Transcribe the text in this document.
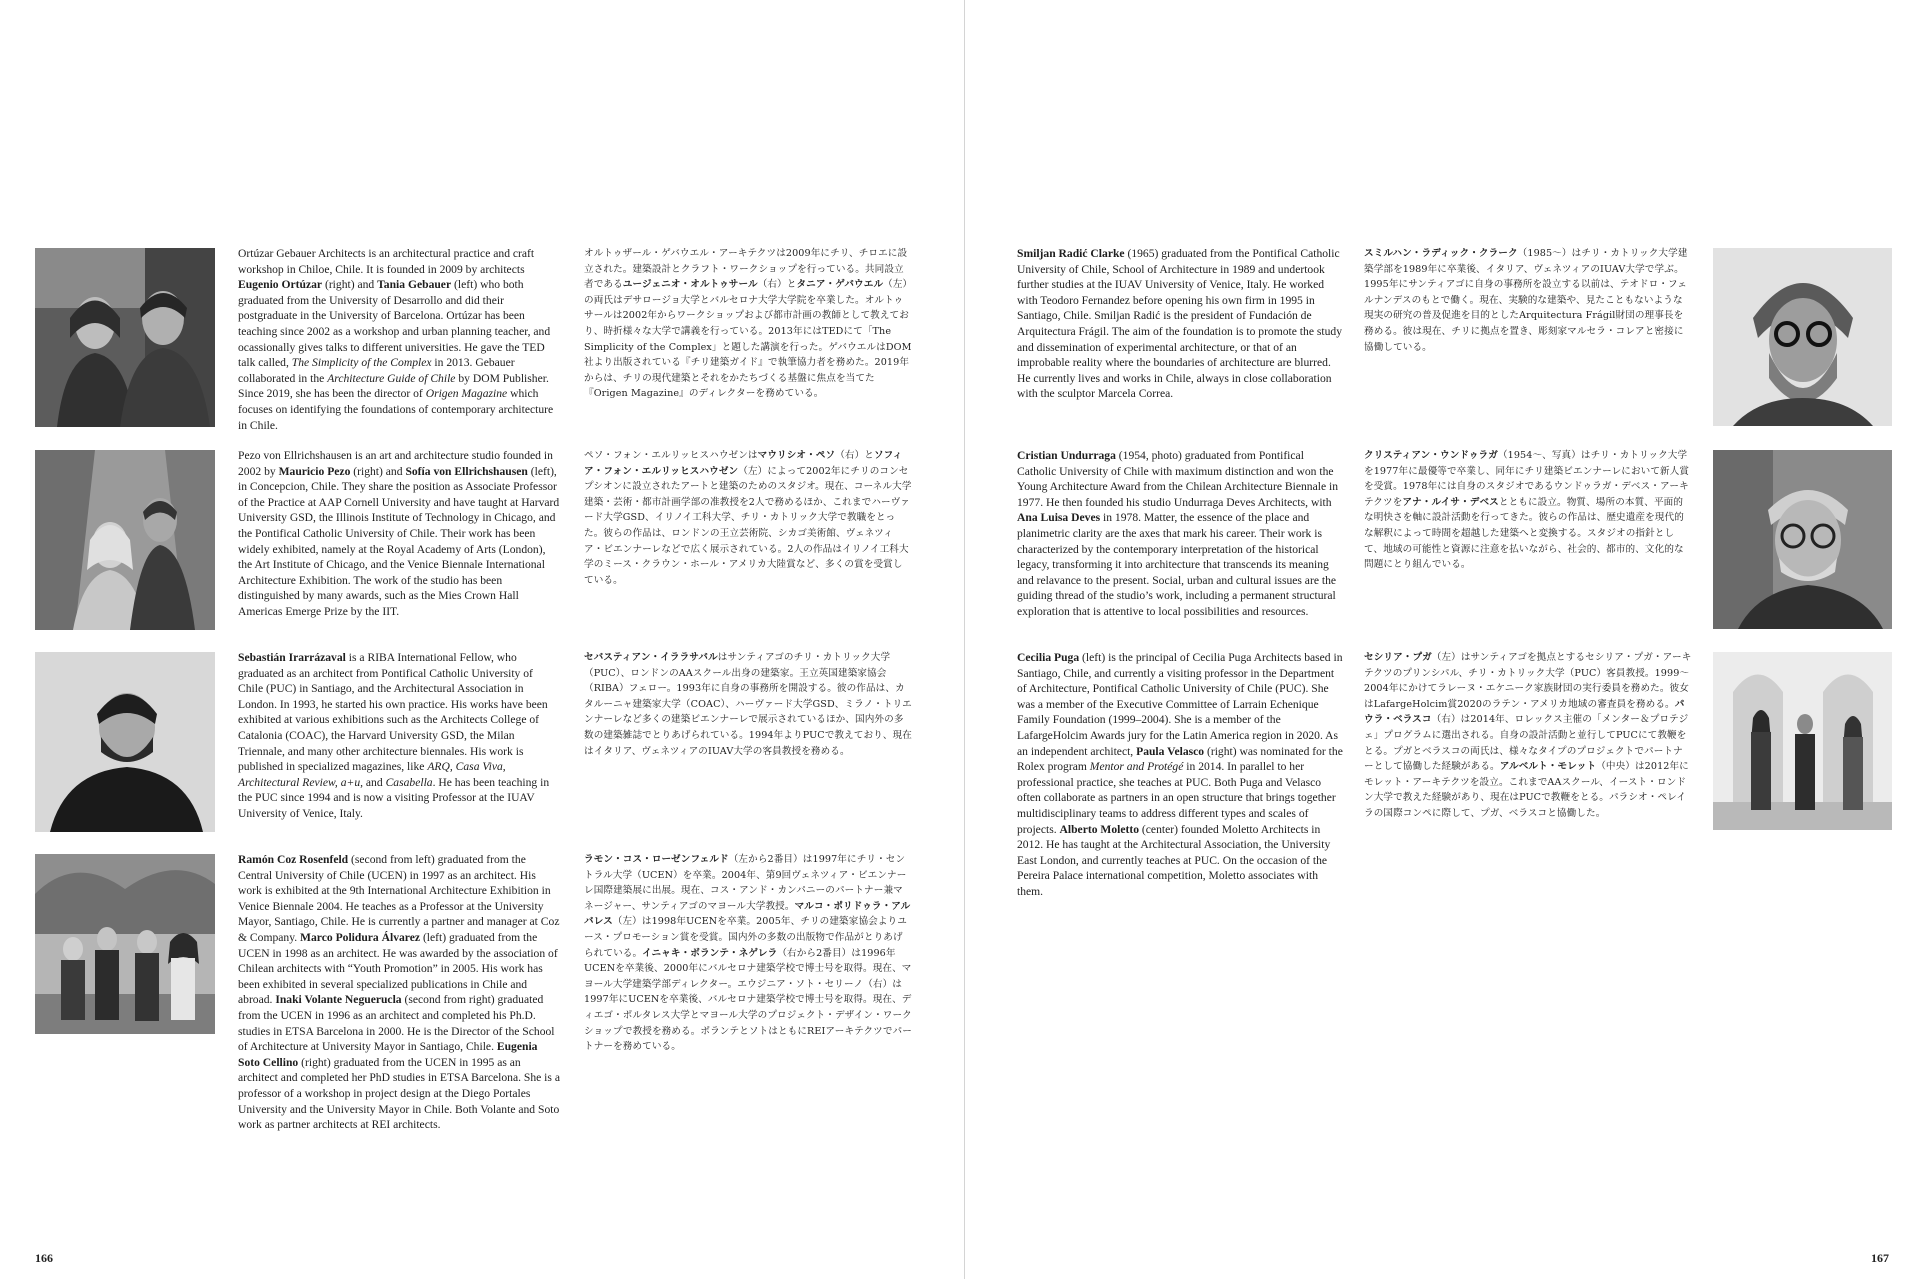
Ortúzar Gebauer Architects is an architectural practice and craft workshop in Chiloe, Chile. It is founded in 2009 by architects Eugenio Ortúzar (right) and Tania Gebauer (left) who both graduated from the University of Desarrollo and did their postgraduate in the University of Barcelona. Ortúzar has been teaching since 2002 as a workshop and urban planning teacher, and ocassionally gives talks to different universities. He gave the TED talk called, The Simplicity of the Complex in 2013. Gebauer collaborated in the Architecture Guide of Chile by DOM Publisher. Since 2019, she has been the director of Origen Magazine which focuses on identifying the foundations of contemporary architecture in Chile.
オルトゥザール・ゲバウエル・アーキテクツは2009年にチリ、チロエに設立された。建築設計とクラフト・ワークショップを行っている。共同設立者であるユージェニオ・オルトゥサール（右）とタニア・ゲバウエル（左）の両氏はデサロージョ大学とバルセロナ大学大学院を卒業した。オルトゥサールは2002年からワークショップおよび都市計画の教師として教えており、時折様々な大学で講義を行っている。2013年にはTEDにて「The Simplicity of the Complex」と題した講演を行った。ゲバウエルはDOM社より出版されている『チリ建築ガイド』で執筆協力者を務めた。2019年からは、チリの現代建築とそれをかたちづくる基盤に焦点を当てた『Origen Magazine』のディレクターを務めている。
Pezo von Ellrichshausen is an art and architecture studio founded in 2002 by Mauricio Pezo (right) and Sofía von Ellrichshausen (left), in Concepcion, Chile. They share the position as Associate Professor of the Practice at AAP Cornell University and have taught at Harvard University GSD, the Illinois Institute of Technology in Chicago, and the Pontifical Catholic University of Chile. Their work has been widely exhibited, namely at the Royal Academy of Arts (London), the Art Institute of Chicago, and the Venice Biennale International Architecture Exhibition. The work of the studio has been distinguished by many awards, such as the Mies Crown Hall Americas Emerge Prize by the IIT.
ペソ・フォン・エルリッヒスハウゼンはマウリシオ・ペソ（右）とソフィア・フォン・エルリッヒスハウゼン（左）によって2002年にチリのコンセプシオンに設立されたアートと建築のためのスタジオ。現在、コーネル大学建築・芸術・都市計画学部の准教授を2人で務めるほか、これまでハーヴァード大学GSD、イリノイ工科大学、チリ・カトリック大学で教職をとった。彼らの作品は、ロンドンの王立芸術院、シカゴ美術館、ヴェネツィア・ビエンナーレなどで広く展示されている。2人の作品はイリノイ工科大学のミース・クラウン・ホール・アメリカ大陸賞など、多くの賞を受賞している。
Sebastián Irarrázaval is a RIBA International Fellow, who graduated as an architect from Pontifical Catholic University of Chile (PUC) in Santiago, and the Architectural Association in London. In 1993, he started his own practice. His works have been exhibited at various exhibitions such as the Architects College of Catalonia (COAC), the Harvard University GSD, the Milan Triennale, and many other architecture biennales. His work is published in specialized magazines, like ARQ, Casa Viva, Architectural Review, a+u, and Casabella. He has been teaching in the PUC since 1994 and is now a visiting Professor at the IUAV University of Venice, Italy.
セバスティアン・イララサバルはサンティアゴのチリ・カトリック大学（PUC）、ロンドンのAAスクール出身の建築家。王立英国建築家協会（RIBA）フェロー。1993年に自身の事務所を開設する。彼の作品は、カタルーニャ建築家大学（COAC）、ハーヴァード大学GSD、ミラノ・トリエンナーレなど多くの建築ビエンナーレで展示されているほか、国内外の多数の建築雑誌でとりあげられている。1994年よりPUCで教えており、現在はイタリア、ヴェネツィアのIUAV大学の客員教授を務める。
Ramón Coz Rosenfeld (second from left) graduated from the Central University of Chile (UCEN) in 1997 as an architect. His work is exhibited at the 9th International Architecture Exhibition in Venice Biennale 2004. He teaches as a Professor at the University Mayor, Santiago, Chile. He is currently a partner and manager at Coz & Company. Marco Polidura Álvarez (left) graduated from the UCEN in 1998 as an architect. He was awarded by the association of Chilean architects with “Youth Promotion” in 2005. His work has been exhibited in several specialized publications in Chile and abroad. Inaki Volante Neguerucla (second from right) graduated from the UCEN in 1996 as an architect and completed his Ph.D. studies in ETSA Barcelona in 2000. He is the Director of the School of Architecture at University Mayor in Santiago, Chile. Eugenia Soto Cellino (right) graduated from the UCEN in 1995 as an architect and completed her PhD studies in ETSA Barcelona. She is a professor of a workshop in project design at the Diego Portales University and the University Mayor in Chile. Both Volante and Soto work as partner architects at REI architects.
ラモン・コス・ローゼンフェルド（左から2番目）は1997年にチリ・セントラル大学（UCEN）を卒業。2004年、第9回ヴェネツィア・ビエンナーレ国際建築展に出展。現在、コス・アンド・カンパニーのパートナー兼マネージャー、サンティアゴのマヨール大学教授。マルコ・ポリドゥラ・アルバレス（左）は1998年UCENを卒業。2005年、チリの建築家協会よりユース・プロモーション賞を受賞。国内外の多数の出版物で作品がとりあげられている。イニャキ・ボランテ・ネゲレラ（右から2番目）は1996年UCENを卒業後、2000年にバルセロナ建築学校で博士号を取得。現在、マヨール大学建築学部ディレクター。エウジニア・ソト・セリーノ（右）は1997年にUCENを卒業後、バルセロナ建築学校で博士号を取得。現在、ディエゴ・ポルタレス大学とマヨール大学のプロジェクト・デザイン・ワークショップで教授を務める。ボランテとソトはともにREIアーキテクツでパートナーを務めている。
Smiljan Radić Clarke (1965) graduated from the Pontifical Catholic University of Chile, School of Architecture in 1989 and undertook further studies at the IUAV University of Venice, Italy. He worked with Teodoro Fernandez before opening his own firm in 1995 in Santiago, Chile. Smiljan Radić is the president of Fundación de Arquitectura Frágil. The aim of the foundation is to promote the study and dissemination of experimental architecture, or that of an improbable reality where the boundaries of architecture are blurred. He currently lives and works in Chile, always in close collaboration with the sculptor Marcela Correa.
スミルハン・ラディック・クラーク（1985～）はチリ・カトリック大学建築学部を1989年に卒業後、イタリア、ヴェネツィアのIUAV大学で学ぶ。1995年にサンティアゴに自身の事務所を設立する以前は、テオドロ・フェルナンデスのもとで働く。現在、実験的な建築や、見たこともないような現実の研究の普及促進を目的としたArquitectura Frágil財団の理事長を務める。彼は現在、チリに拠点を置き、彫刻家マルセラ・コレアと密接に協働している。
Cristian Undurraga (1954, photo) graduated from Pontifical Catholic University of Chile with maximum distinction and won the Young Architecture Award from the Chilean Architecture Biennale in 1977. He then founded his studio Undurraga Deves Architects, with Ana Luisa Deves in 1978. Matter, the essence of the place and planimetric clarity are the axes that mark his career. Their work is characterized by the contemporary interpretation of the historical legacy, transforming it into architecture that transcends its meaning and relavance to the present. Social, urban and cultural issues are the guiding thread of the studio’s work, including a permanent structural exploration that is attentive to local possibilities and resources.
クリスティアン・ウンドゥラガ（1954～、写真）はチリ・カトリック大学を1977年に最優等で卒業し、同年にチリ建築ビエンナーレにおいて新人賞を受賞。1978年には自身のスタジオであるウンドゥラガ・デベス・アーキテクツをアナ・ルイサ・デベスとともに設立。物質、場所の本質、平面的な明快さを軸に設計活動を行ってきた。彼らの作品は、歴史遺産を現代的な解釈によって時間を超越した建築へと変換する。スタジオの指針として、地域の可能性と資源に注意を払いながら、社会的、都市的、文化的な問題にとり組んでいる。
Cecilia Puga (left) is the principal of Cecilia Puga Architects based in Santiago, Chile, and currently a visiting professor in the Department of Architecture, Pontifical Catholic University of Chile (PUC). She was a member of the Executive Committee of Larrain Echenique Family Foundation (1999–2004). She is a member of the LafargeHolcim Awards jury for the Latin America region in 2020. As an independent architect, Paula Velasco (right) was nominated for the Rolex program Mentor and Protégé in 2014. In parallel to her professional practice, she teaches at PUC. Both Puga and Velasco often collaborate as partners in an open structure that brings together multidisciplinary teams to address different types and scales of projects. Alberto Moletto (center) founded Moletto Architects in 2012. He has taught at the Architectural Association, the University East London, and currently teaches at PUC. On the occasion of the Pereira Palace international competition, Moletto associates with them.
セシリア・プガ（左）はサンティアゴを拠点とするセシリア・プガ・アーキテクツのプリンシパル、チリ・カトリック大学（PUC）客員教授。1999～2004年にかけてラレーヌ・エケニーク家族財団の実行委員を務めた。彼女はLafargeHolcim賞2020のラテン・アメリカ地域の審査員を務める。パウラ・ベラスコ（右）は2014年、ロレックス主催の「メンター＆プロテジェ」プログラムに選出される。自身の設計活動と並行してPUCにて教鞭をとる。プガとベラスコの両氏は、様々なタイプのプロジェクトでパートナーとして協働した経験がある。アルベルト・モレット（中央）は2012年にモレット・アーキテクツを設立。これまでAAスクール、イースト・ロンドン大学で教えた経験があり、現在はPUCで教鞭をとる。パラシオ・ペレイラの国際コンペに際して、プガ、ベラスコと協働した。
166	167
